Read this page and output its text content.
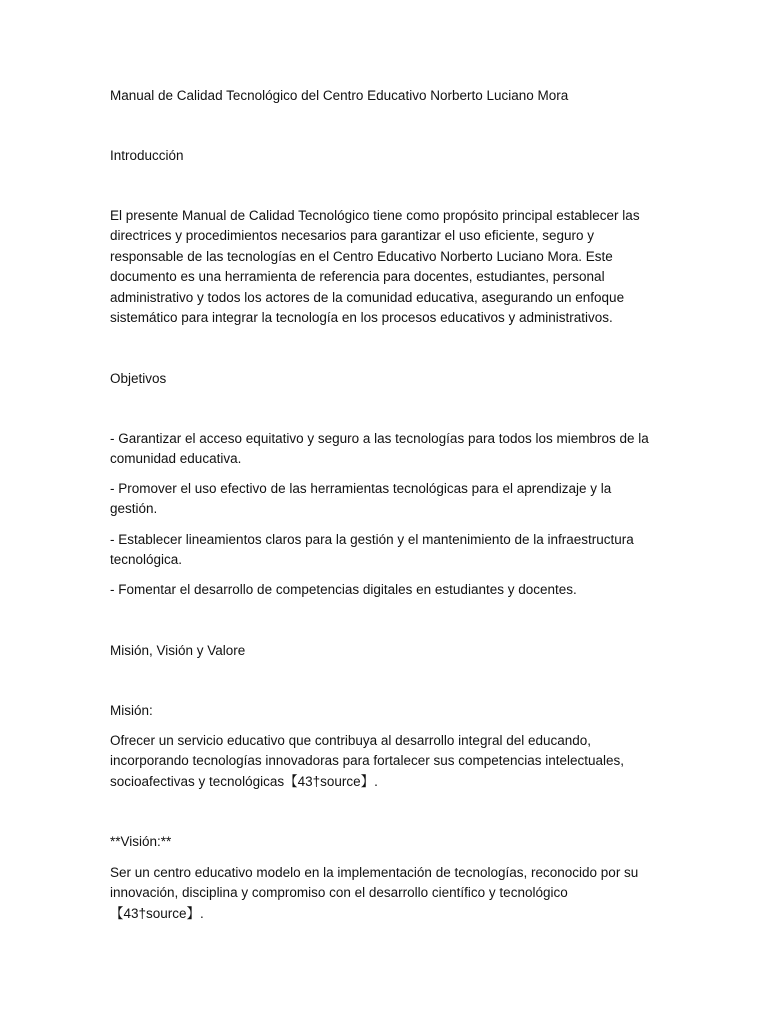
Manual de Calidad Tecnológico del Centro Educativo Norberto Luciano Mora
Introducción
El presente Manual de Calidad Tecnológico tiene como propósito principal establecer las directrices y procedimientos necesarios para garantizar el uso eficiente, seguro y responsable de las tecnologías en el Centro Educativo Norberto Luciano Mora. Este documento es una herramienta de referencia para docentes, estudiantes, personal administrativo y todos los actores de la comunidad educativa, asegurando un enfoque sistemático para integrar la tecnología en los procesos educativos y administrativos.
Objetivos
- Garantizar el acceso equitativo y seguro a las tecnologías para todos los miembros de la comunidad educativa.
- Promover el uso efectivo de las herramientas tecnológicas para el aprendizaje y la gestión.
- Establecer lineamientos claros para la gestión y el mantenimiento de la infraestructura tecnológica.
- Fomentar el desarrollo de competencias digitales en estudiantes y docentes.
Misión, Visión y Valore
Misión:
Ofrecer un servicio educativo que contribuya al desarrollo integral del educando, incorporando tecnologías innovadoras para fortalecer sus competencias intelectuales, socioafectivas y tecnológicas【43†source】.
**Visión:**
Ser un centro educativo modelo en la implementación de tecnologías, reconocido por su innovación, disciplina y compromiso con el desarrollo científico y tecnológico【43†source】.
